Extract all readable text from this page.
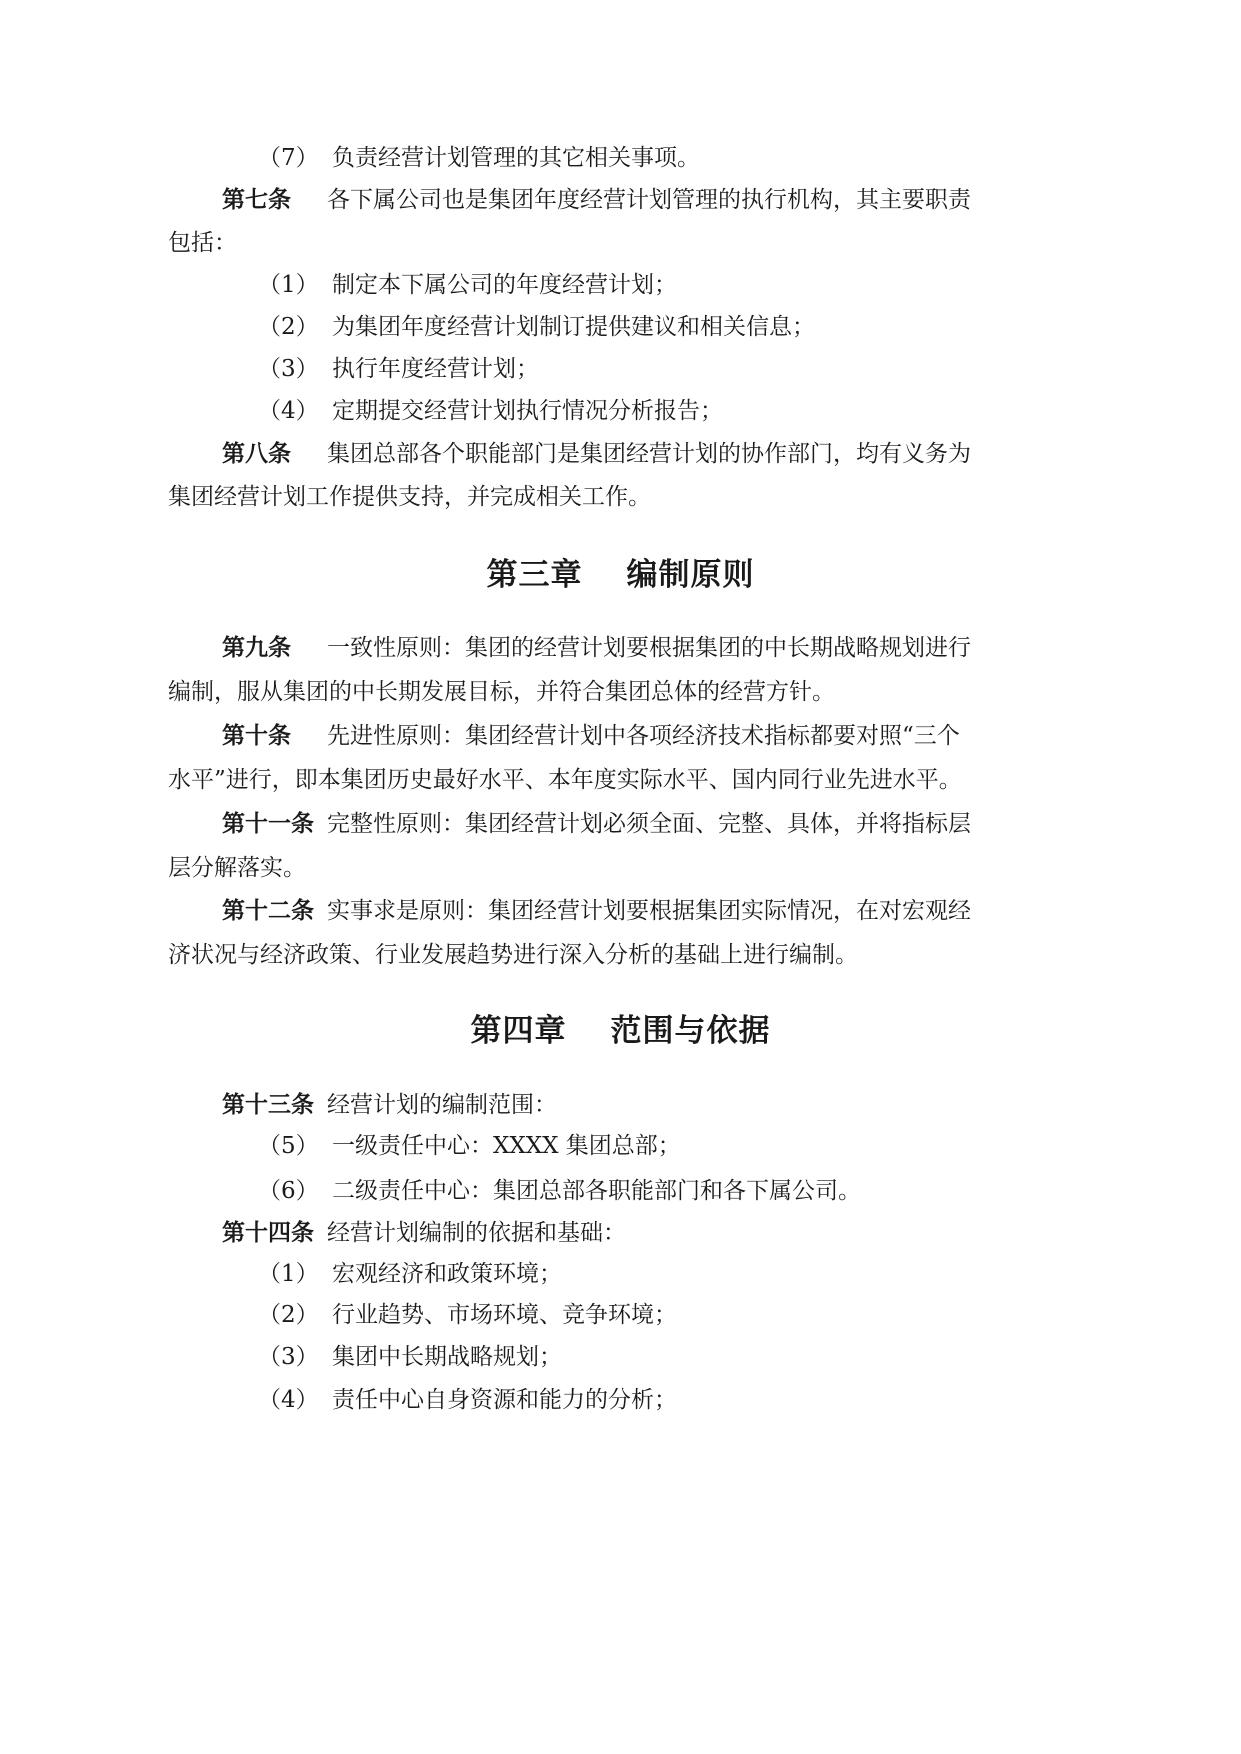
（7） 负责经营计划管理的其它相关事项。
第七条 各下属公司也是集团年度经营计划管理的执行机构，其主要职责
包括：
（1） 制定本下属公司的年度经营计划；
（2） 为集团年度经营计划制订提供建议和相关信息；
（3） 执行年度经营计划；
（4） 定期提交经营计划执行情况分析报告；
第八条 集团总部各个职能部门是集团经营计划的协作部门，均有义务为
集团经营计划工作提供支持，并完成相关工作。
第三章 编制原则
第九条 一致性原则：集团的经营计划要根据集团的中长期战略规划进行
编制，服从集团的中长期发展目标，并符合集团总体的经营方针。
第十条 先进性原则：集团经营计划中各项经济技术指标都要对照“三个
水平”进行，即本集团历史最好水平、本年度实际水平、国内同行业先进水平。
第十一条 完整性原则：集团经营计划必须全面、完整、具体，并将指标层
层分解落实。
第十二条 实事求是原则：集团经营计划要根据集团实际情况，在对宏观经
济状况与经济政策、行业发展趋势进行深入分析的基础上进行编制。
第四章 范围与依据
第十三条 经营计划的编制范围：
（5） 一级责任中心：XXXX 集团总部；
（6） 二级责任中心：集团总部各职能部门和各下属公司。
第十四条 经营计划编制的依据和基础：
（1） 宏观经济和政策环境；
（2） 行业趋势、市场环境、竞争环境；
（3） 集团中长期战略规划；
（4） 责任中心自身资源和能力的分析；
